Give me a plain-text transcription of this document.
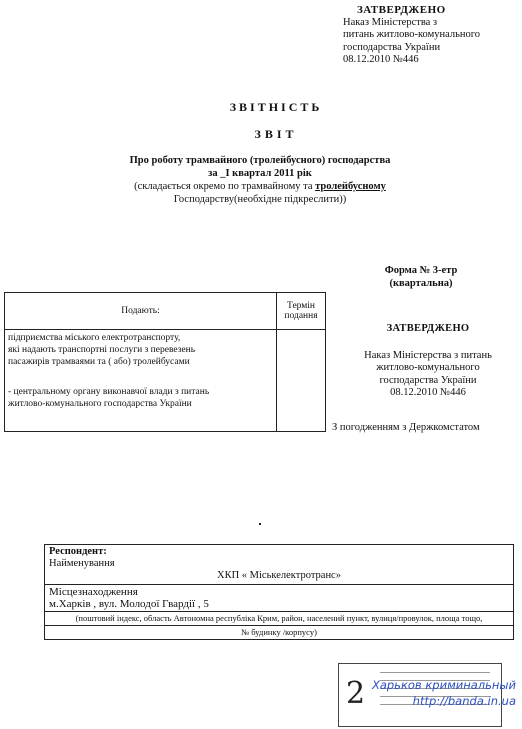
ЗАТВЕРДЖЕНО
Наказ Міністерства з
питань житлово-комунального
господарства України
08.12.2010 №446
ЗВІТНІСТЬ
ЗВІТ
Про роботу трамвайного (тролейбусного) господарства
за _I квартал 2011 рік
(складається окремо по трамвайному та тролейбусному
Господарству(необхідне підкреслити))
Форма № 3-етр
(квартальна)
Подають:	Термін
подання

підприємства міського електротранспорту,

які надають транспортні послуги з перевезень

пасажирів трамваями та ( або) тролейбусами

- центральному органу виконавчої влади з питань

житлово-комунального господарства України	

ЗАТВЕРДЖЕНО
Наказ Міністерства з питань
житлово-комунального
господарства України
08.12.2010 №446
З погодженням з Держкомстатом
Респондент:
Найменування
ХКП « Міськелектротранс»
Місцезнаходження
м.Харків , вул. Молодої Гвардії , 5
(поштовий індекс, область Автономна республіка Крим, район, населений пункт, вулиця/провулок, площа тощо,
№ будинку /корпусу)
2 Харьков криминальный
http://banda.in.ua
